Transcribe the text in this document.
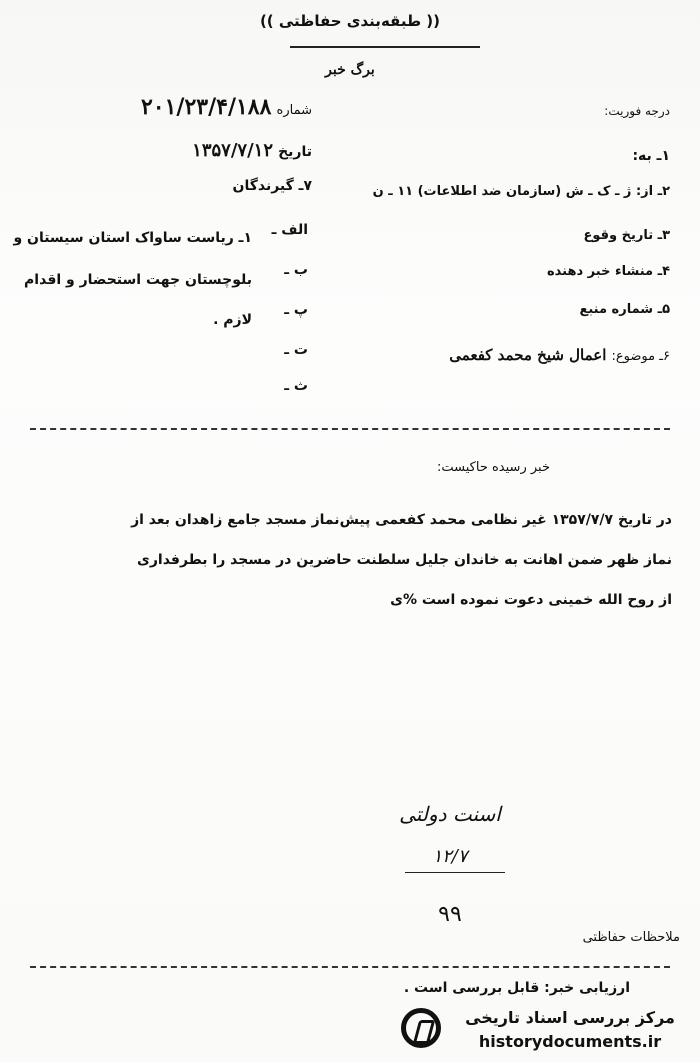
(( طبقه‌بندی حفاظتی ))
برگ خبر
شماره ۲۰۱/۲۳/۴/۱۸۸
تاریخ ۱۳۵۷/۷/۱۲
۷ـ گیرندگان
الف ـ
ب ـ
پ ـ
ت ـ
ث ـ
۱ـ ریاست ساواک استان سیستان و
بلوچستان جهت استحضار و اقدام
لازم .
درجه فوریت:
۱ـ به:
۲ـ از: ژ ـ ک ـ ش (سازمان ضد اطلاعات) ۱۱ ـ ن
۳ـ تاریخ وقوع
۴ـ منشاء خبر دهنده
۵ـ شماره منبع
۶ـ موضوع: اعمال شیخ محمد کفعمی
خبر رسیده حاکیست:
در تاریخ ۱۳۵۷/۷/۷ غیر نظامی محمد کفعمی پیش‌نماز مسجد جامع زاهدان بعد از
نماز ظهر ضمن اهانت به خاندان جلیل سلطنت حاضرین در مسجد را بطرفداری
از روح الله خمینی دعوت نموده است %ی
اسنت دولتی
۱۲/۷
۹۹
ملاحظات حفاظتی
ارزیابی خبر: قابل بررسی است .
مرکز بررسی اسناد تاریخی
historydocuments.ir
